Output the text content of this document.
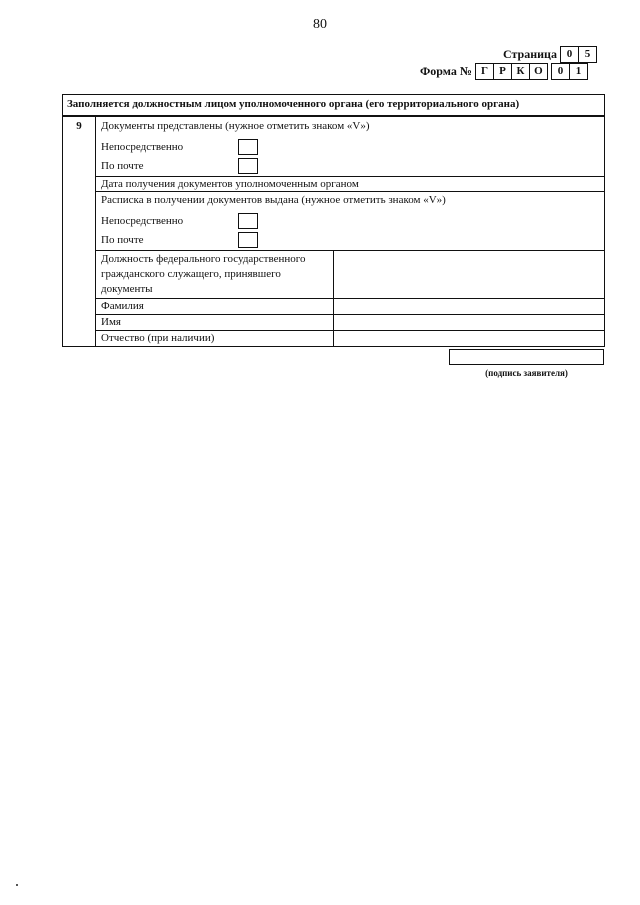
80
Страница 0	5
Форма № Г	Р К О	0	1
Заполняется должностным лицом уполномоченного органа (его территориального органа)
9	Документы представлены (нужное отметить знаком «V»)
Непосредственно
По почте
Дата получения документов уполномоченным органом
Расписка в получении документов выдана (нужное отметить знаком «V»)
Непосредственно
По почте
Должность федерального государственного
гражданского служащего, принявшего
документы
Фамилия
Имя
Отчество (при наличии)
(подпись заявителя)
